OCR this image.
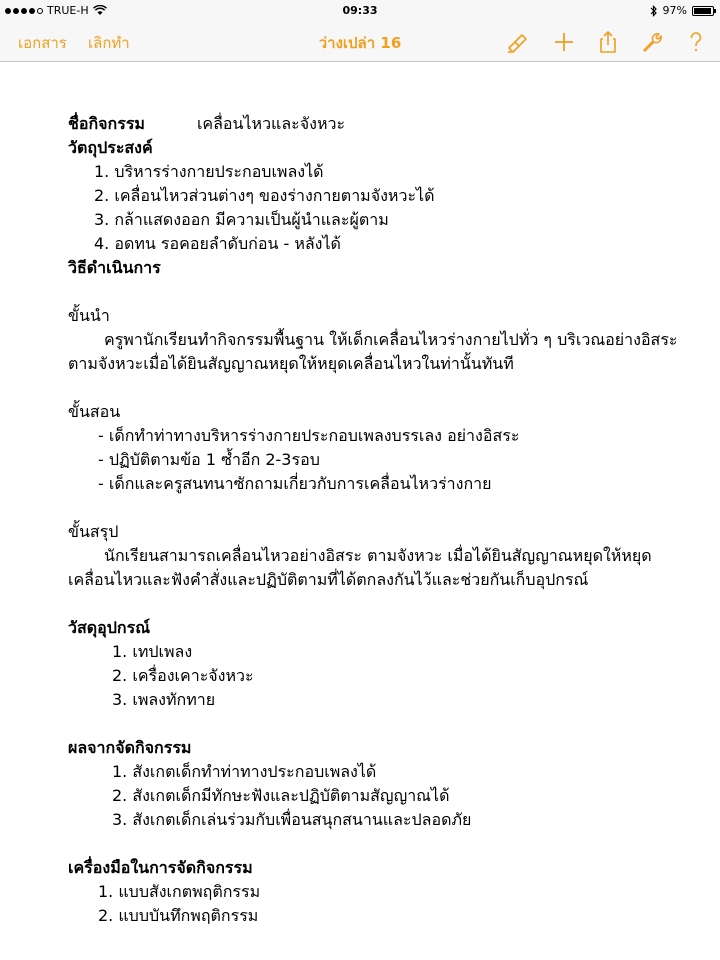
TRUE-H	09:33	97%
เอกสาร เลิกทำ	ว่างเปล่า 16
ชื่อกิจกรรม	เคลื่อนไหวและจังหวะ
วัตถุประสงค์
1. บริหารร่างกายประกอบเพลงได้
2. เคลื่อนไหวส่วนต่างๆ ของร่างกายตามจังหวะได้
3. กล้าแสดงออก มีความเป็นผู้นำและผู้ตาม
4. อดทน รอคอยลำดับก่อน - หลังได้
วิธีดำเนินการ
ขั้นนำ
ครูพานักเรียนทำกิจกรรมพื้นฐาน ให้เด็กเคลื่อนไหวร่างกายไปทั่ว ๆ บริเวณอย่างอิสระตามจังหวะเมื่อได้ยินสัญญาณหยุดให้หยุดเคลื่อนไหวในท่านั้นทันที
ขั้นสอน
- เด็กทำท่าทางบริหารร่างกายประกอบเพลงบรรเลง อย่างอิสระ
- ปฏิบัติตามข้อ 1 ซ้ำอีก 2-3รอบ
- เด็กและครูสนทนาซักถามเกี่ยวกับการเคลื่อนไหวร่างกาย
ขั้นสรุป
นักเรียนสามารถเคลื่อนไหวอย่างอิสระ ตามจังหวะ เมื่อได้ยินสัญญาณหยุดให้หยุดเคลื่อนไหวและฟังคำสั่งและปฏิบัติตามที่ได้ตกลงกันไว้และช่วยกันเก็บอุปกรณ์
วัสดุอุปกรณ์
1. เทปเพลง
2. เครื่องเคาะจังหวะ
3. เพลงทักทาย
ผลจากจัดกิจกรรม
1. สังเกตเด็กทำท่าทางประกอบเพลงได้
2. สังเกตเด็กมีทักษะฟังและปฏิบัติตามสัญญาณได้
3. สังเกตเด็กเล่นร่วมกับเพื่อนสนุกสนานและปลอดภัย
เครื่องมือในการจัดกิจกรรม
1. แบบสังเกตพฤติกรรม
2. แบบบันทึกพฤติกรรม
